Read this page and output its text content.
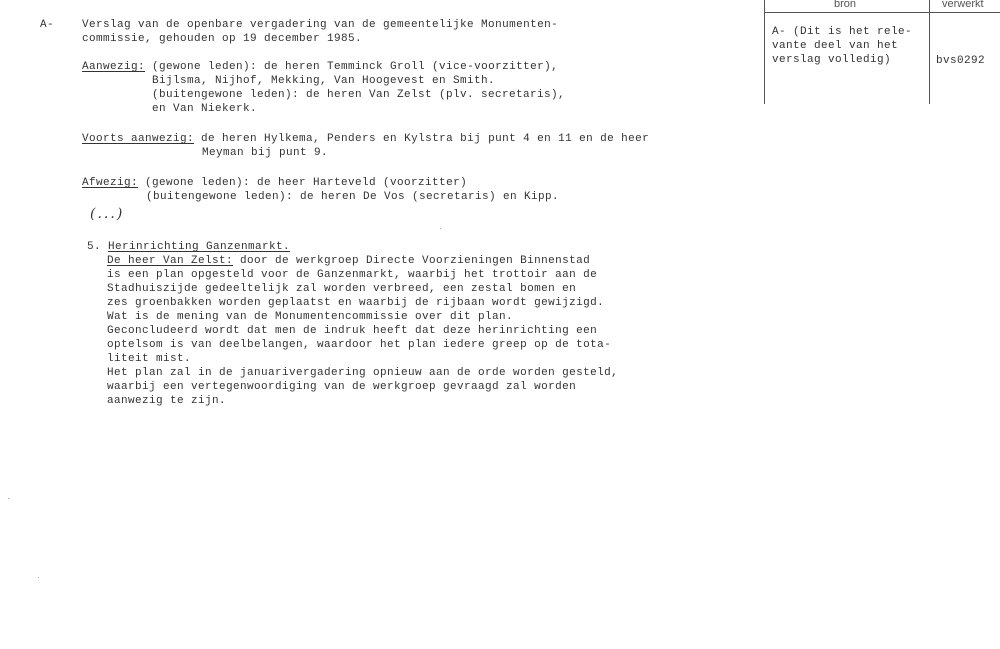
bron	verwerkt
A- (Dit is het rele-
vante deel van het
verslag volledig)	bvs0292
A-	Verslag van de openbare vergadering van de gemeentelijke Monumenten-
commissie, gehouden op 19 december 1985.
Aanwezig: (gewone leden): de heren Temminck Groll (vice-voorzitter),
Bijlsma, Nijhof, Mekking, Van Hoogevest en Smith.
(buitengewone leden): de heren Van Zelst (plv. secretaris),
en Van Niekerk.
Voorts aanwezig: de heren Hylkema, Penders en Kylstra bij punt 4 en 11 en de heer
Meyman bij punt 9.
Afwezig: (gewone leden): de heer Harteveld (voorzitter)
(buitengewone leden): de heren De Vos (secretaris) en Kipp.
(...)
5. Herinrichting Ganzenmarkt.
De heer Van Zelst: door de werkgroep Directe Voorzieningen Binnenstad
is een plan opgesteld voor de Ganzenmarkt, waarbij het trottoir aan de
Stadhuiszijde gedeeltelijk zal worden verbreed, een zestal bomen en
zes groenbakken worden geplaatst en waarbij de rijbaan wordt gewijzigd.
Wat is de mening van de Monumentencommissie over dit plan.
Geconcludeerd wordt dat men de indruk heeft dat deze herinrichting een
optelsom is van deelbelangen, waardoor het plan iedere greep op de tota-
liteit mist.
Het plan zal in de januarivergadering opnieuw aan de orde worden gesteld,
waarbij een vertegenwoordiging van de werkgroep gevraagd zal worden
aanwezig te zijn.
